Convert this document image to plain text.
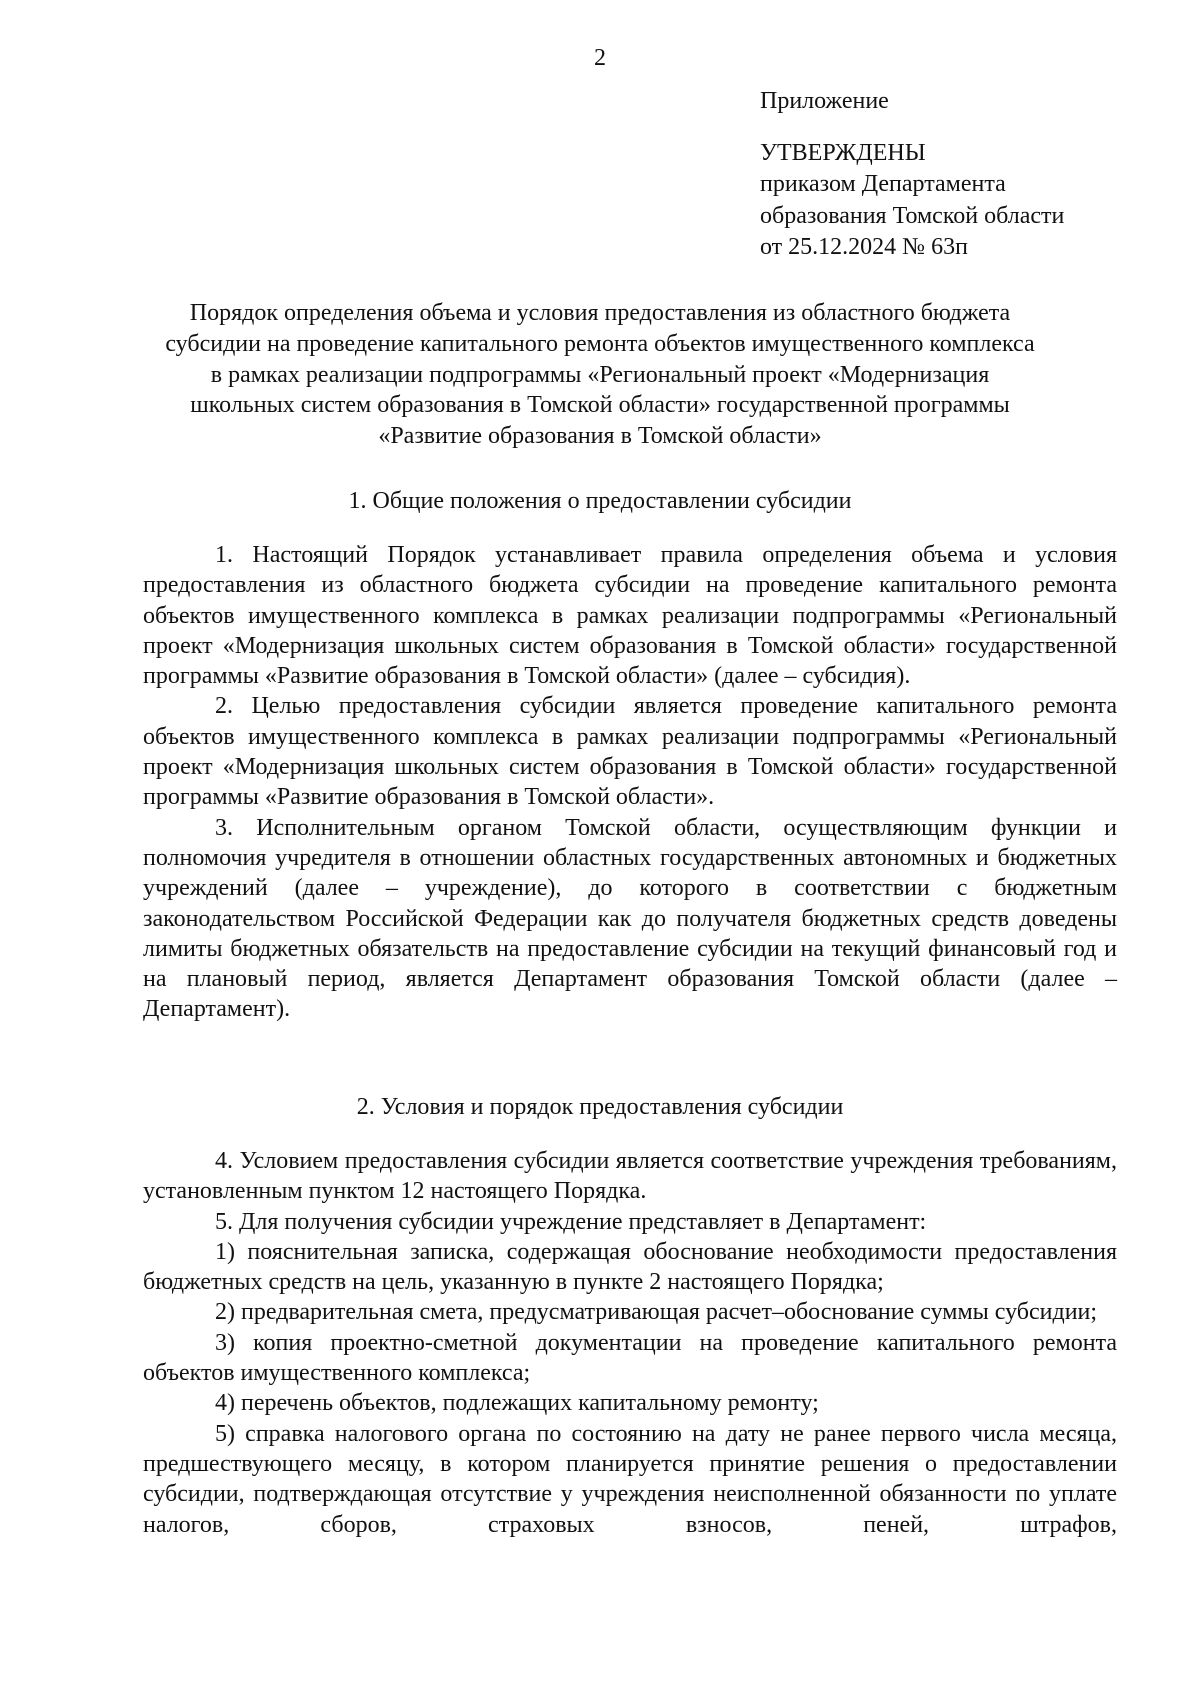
2
Приложение
УТВЕРЖДЕНЫ
приказом Департамента
образования Томской области
от 25.12.2024 № 63п
Порядок определения объема и условия предоставления из областного бюджета
субсидии на проведение капитального ремонта объектов имущественного комплекса
в рамках реализации подпрограммы «Региональный проект «Модернизация
школьных систем образования в Томской области» государственной программы
«Развитие образования в Томской области»
1. Общие положения о предоставлении субсидии

1. Настоящий Порядок устанавливает правила определения объема и условия предоставления из областного бюджета субсидии на проведение капитального ремонта объектов имущественного комплекса в рамках реализации подпрограммы «Региональный проект «Модернизация школьных систем образования в Томской области» государственной программы «Развитие образования в Томской области» (далее – субсидия).

2. Целью предоставления субсидии является проведение капитального ремонта объектов имущественного комплекса в рамках реализации подпрограммы «Региональный проект «Модернизация школьных систем образования в Томской области» государственной программы «Развитие образования в Томской области».

3. Исполнительным органом Томской области, осуществляющим функции и полномочия учредителя в отношении областных государственных автономных и бюджетных учреждений (далее – учреждение), до которого в соответствии с бюджетным законодательством Российской Федерации как до получателя бюджетных средств доведены лимиты бюджетных обязательств на предоставление субсидии на текущий финансовый год и на плановый период, является Департамент образования Томской области (далее – Департамент).

2. Условия и порядок предоставления субсидии

4. Условием предоставления субсидии является соответствие учреждения требованиям, установленным пунктом 12 настоящего Порядка.

5. Для получения субсидии учреждение представляет в Департамент:

1) пояснительная записка, содержащая обоснование необходимости предоставления бюджетных средств на цель, указанную в пункте 2 настоящего Порядка;

2) предварительная смета, предусматривающая расчет–обоснование суммы субсидии;

3) копия проектно-сметной документации на проведение капитального ремонта объектов имущественного комплекса;

4) перечень объектов, подлежащих капитальному ремонту;

5) справка налогового органа по состоянию на дату не ранее первого числа месяца, предшествующего месяцу, в котором планируется принятие решения о предоставлении субсидии, подтверждающая отсутствие у учреждения неисполненной обязанности по уплате налогов, сборов, страховых взносов, пеней, штрафов,
